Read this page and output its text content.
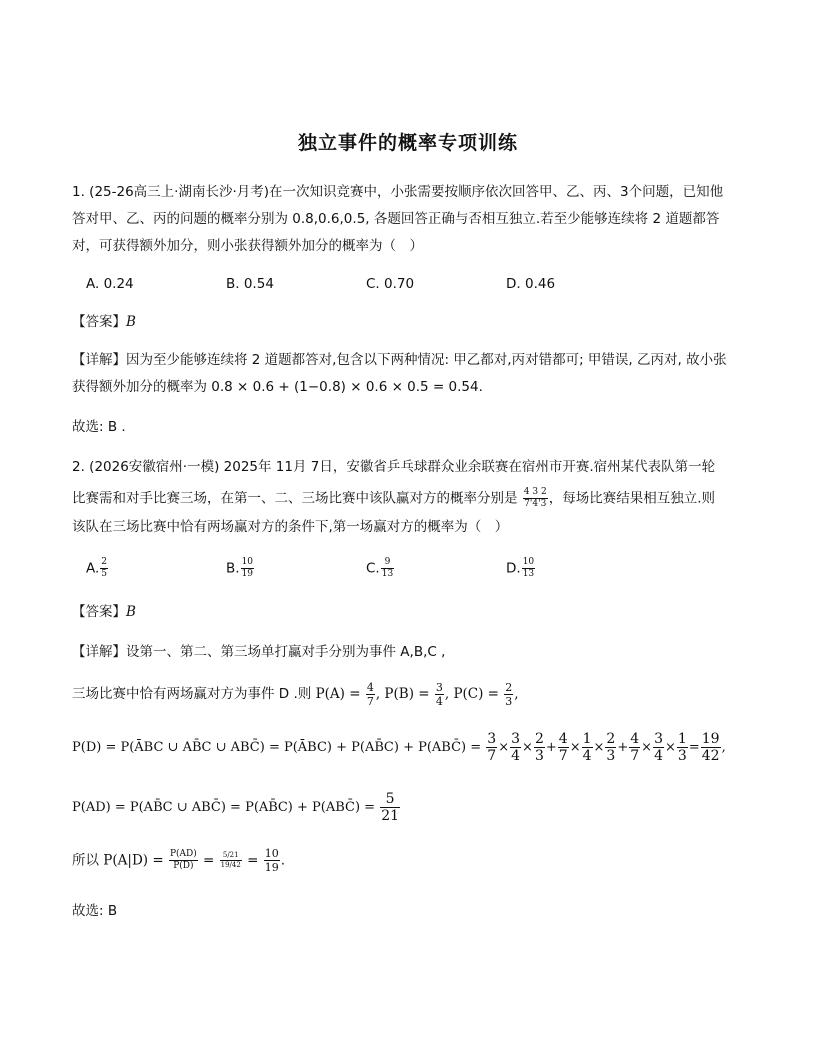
独立事件的概率专项训练
1. (25-26高三上·湖南长沙·月考)在一次知识竞赛中，小张需要按顺序依次回答甲、乙、丙、3个问题，已知他
答对甲、乙、丙的问题的概率分别为 0.8,0.6,0.5, 各题回答正确与否相互独立.若至少能够连续将 2 道题都答
对，可获得额外加分，则小张获得额外加分的概率为（　）
A. 0.24	B. 0.54	C. 0.70	D. 0.46
【答案】B
【详解】因为至少能够连续将 2 道题都答对,包含以下两种情况: 甲乙都对,丙对错都可; 甲错误, 乙丙对, 故小张
获得额外加分的概率为 0.8 × 0.6 + (1−0.8) × 0.6 × 0.5 = 0.54.
故选: B .
2. (2026安徽宿州·一模) 2025年 11月 7日，安徽省乒乓球群众业余联赛在宿州市开赛.宿州某代表队第一轮
比赛需和对手比赛三场，在第一、二、三场比赛中该队赢对方的概率分别是 $\frac{4 3 2}{7'4'3}$ ，每场比赛结果相互独立.则
该队在三场比赛中恰有两场赢对方的条件下,第一场赢对方的概率为（　）
A. $\frac{2}{5}$	B. $\frac{10}{19}$	C. $\frac{9}{13}$	D. $\frac{10}{13}$
【答案】B
【详解】设第一、第二、第三场单打赢对手分别为事件 A,B,C ,
三场比赛中恰有两场赢对方为事件 D .则 $P(A) = \frac{4}{7}$ , $P(B) = \frac{3}{4}$ , $P(C) = \frac{2}{3}$ ,
P(D) = P(ĀBC ∪ AB̄C ∪ ABC̄) = P(ĀBC) + P(AB̄C) + P(ABC̄) = $\frac{3}{7} \times \frac{3}{4} \times \frac{2}{3} + \frac{4}{7} \times \frac{1}{4} \times \frac{2}{3} + \frac{4}{7} \times \frac{3}{4} \times \frac{1}{3} = \frac{19}{42}$ ,
P(AD) = P(AB̄C ∪ ABC̄) = P(AB̄C) + P(ABC̄) = $\frac{5}{21}$
所以 $P(A|D) = \frac{P(AD)}{P(D)} = \frac{5/21}{19/42} = \frac{10}{19}$ .
故选: B
